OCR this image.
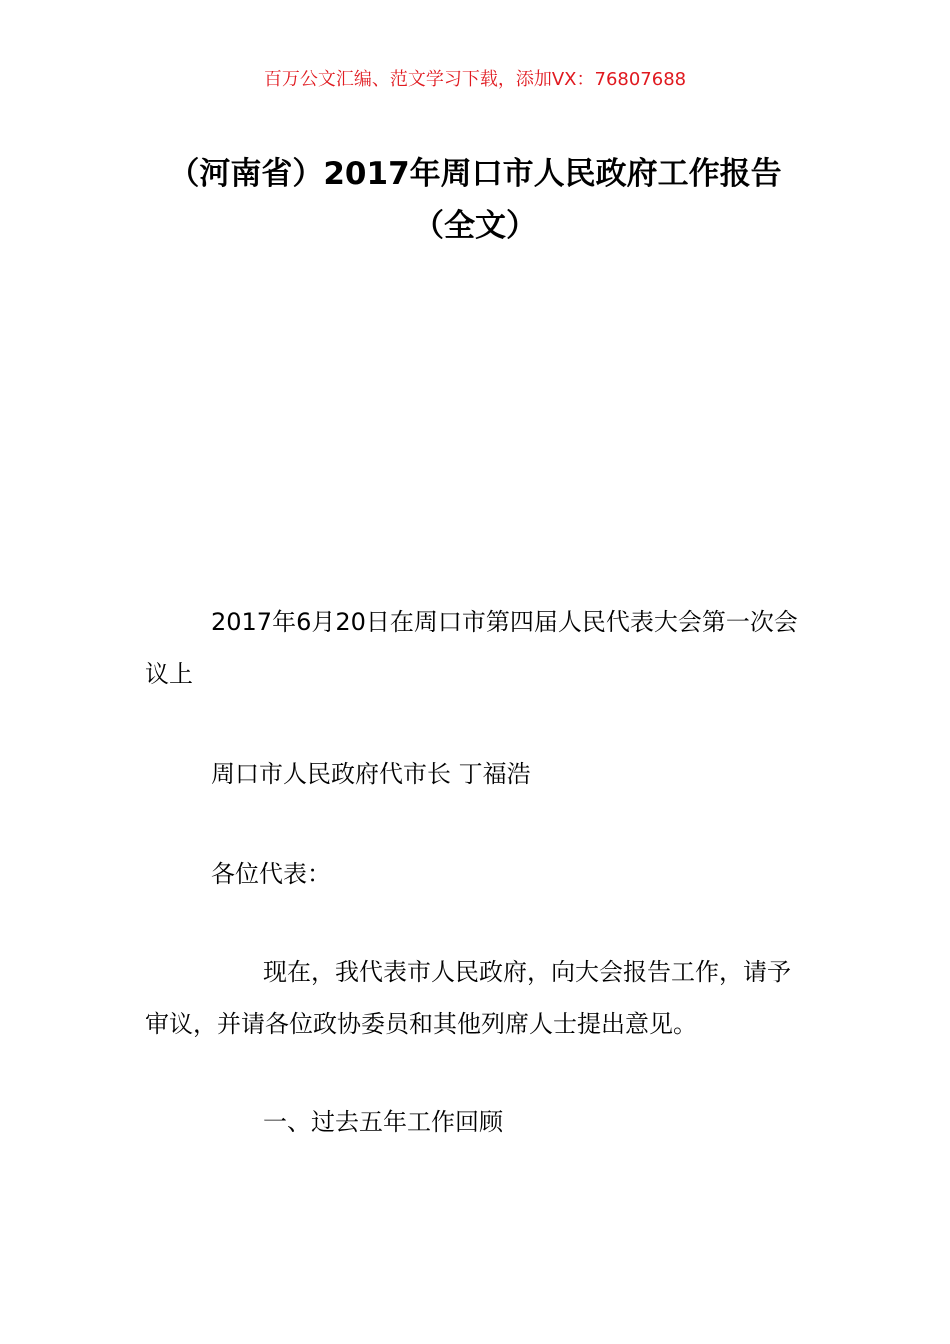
百万公文汇编、范文学习下载，添加VX：76807688
（河南省）2017年周口市人民政府工作报告（全文）

2017年6月20日在周口市第四届人民代表大会第一次会议上

周口市人民政府代市长 丁福浩

各位代表：

现在，我代表市人民政府，向大会报告工作，请予审议，并请各位政协委员和其他列席人士提出意见。

一、过去五年工作回顾
